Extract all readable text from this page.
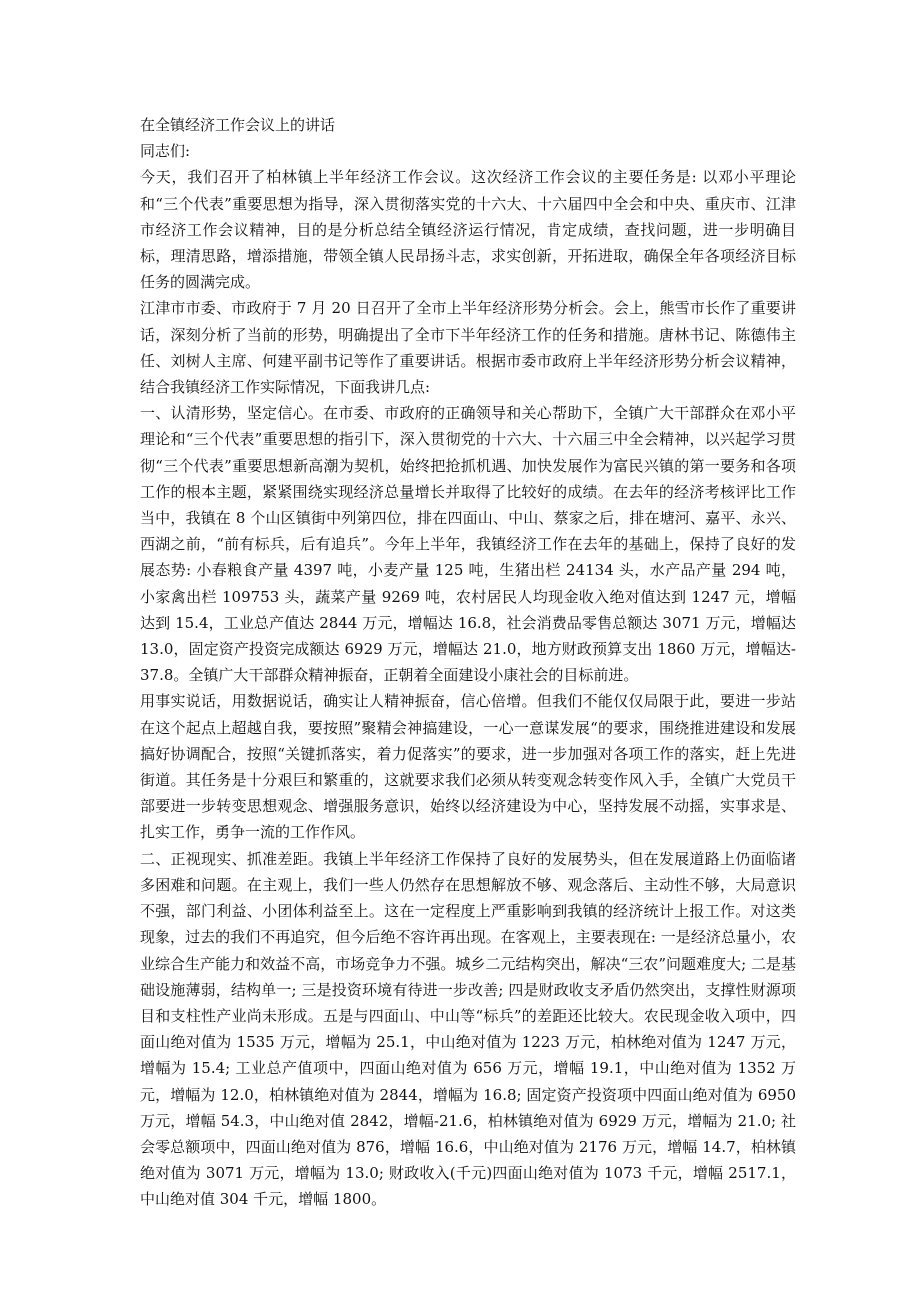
在全镇经济工作会议上的讲话

同志们:

今天，我们召开了柏林镇上半年经济工作会议。这次经济工作会议的主要任务是: 以邓小平理论和“三个代表”重要思想为指导，深入贯彻落实党的十六大、十六届四中全会和中央、重庆市、江津市经济工作会议精神，目的是分析总结全镇经济运行情况，肯定成绩，查找问题，进一步明确目标，理清思路，增添措施，带领全镇人民昂扬斗志，求实创新，开拓进取，确保全年各项经济目标任务的圆满完成。

江津市市委、市政府于 7 月 20 日召开了全市上半年经济形势分析会。会上，熊雪市长作了重要讲话，深刻分析了当前的形势，明确提出了全市下半年经济工作的任务和措施。唐林书记、陈德伟主任、刘树人主席、何建平副书记等作了重要讲话。根据市委市政府上半年经济形势分析会议精神，结合我镇经济工作实际情况，下面我讲几点:

一、认清形势，坚定信心。在市委、市政府的正确领导和关心帮助下，全镇广大干部群众在邓小平理论和“三个代表”重要思想的指引下，深入贯彻党的十六大、十六届三中全会精神，以兴起学习贯彻“三个代表”重要思想新高潮为契机，始终把抢抓机遇、加快发展作为富民兴镇的第一要务和各项工作的根本主题，紧紧围绕实现经济总量增长并取得了比较好的成绩。在去年的经济考核评比工作当中，我镇在 8 个山区镇街中列第四位，排在四面山、中山、蔡家之后，排在塘河、嘉平、永兴、西湖之前，“前有标兵，后有追兵”。今年上半年，我镇经济工作在去年的基础上，保持了良好的发展态势: 小春粮食产量 4397 吨，小麦产量 125 吨，生猪出栏 24134 头，水产品产量 294 吨，小家禽出栏 109753 头，蔬菜产量 9269 吨，农村居民人均现金收入绝对值达到 1247 元，增幅达到 15.4，工业总产值达 2844 万元，增幅达 16.8，社会消费品零售总额达 3071 万元，增幅达 13.0，固定资产投资完成额达 6929 万元，增幅达 21.0，地方财政预算支出 1860 万元，增幅达-37.8。全镇广大干部群众精神振奋，正朝着全面建设小康社会的目标前进。

用事实说话，用数据说话，确实让人精神振奋，信心倍增。但我们不能仅仅局限于此，要进一步站在这个起点上超越自我，要按照”聚精会神搞建设，一心一意谋发展“的要求，围绕推进建设和发展搞好协调配合，按照“关键抓落实，着力促落实”的要求，进一步加强对各项工作的落实，赶上先进街道。其任务是十分艰巨和繁重的，这就要求我们必须从转变观念转变作风入手，全镇广大党员干部要进一步转变思想观念、增强服务意识，始终以经济建设为中心，坚持发展不动摇，实事求是、扎实工作，勇争一流的工作作风。

二、正视现实、抓准差距。我镇上半年经济工作保持了良好的发展势头，但在发展道路上仍面临诸多困难和问题。在主观上，我们一些人仍然存在思想解放不够、观念落后、主动性不够，大局意识不强，部门利益、小团体利益至上。这在一定程度上严重影响到我镇的经济统计上报工作。对这类现象，过去的我们不再追究，但今后绝不容许再出现。在客观上，主要表现在: 一是经济总量小，农业综合生产能力和效益不高，市场竞争力不强。城乡二元结构突出，解决“三农”问题难度大; 二是基础设施薄弱，结构单一; 三是投资环境有待进一步改善; 四是财政收支矛盾仍然突出，支撑性财源项目和支柱性产业尚未形成。五是与四面山、中山等“标兵”的差距还比较大。农民现金收入项中，四面山绝对值为 1535 万元，增幅为 25.1，中山绝对值为 1223 万元，柏林绝对值为 1247 万元，增幅为 15.4; 工业总产值项中，四面山绝对值为 656 万元，增幅 19.1，中山绝对值为 1352 万元，增幅为 12.0，柏林镇绝对值为 2844，增幅为 16.8; 固定资产投资项中四面山绝对值为 6950 万元，增幅 54.3，中山绝对值 2842，增幅-21.6，柏林镇绝对值为 6929 万元，增幅为 21.0; 社会零总额项中，四面山绝对值为 876，增幅 16.6，中山绝对值为 2176 万元，增幅 14.7，柏林镇绝对值为 3071 万元，增幅为 13.0; 财政收入(千元)四面山绝对值为 1073 千元，增幅 2517.1，中山绝对值 304 千元，增幅 1800。
